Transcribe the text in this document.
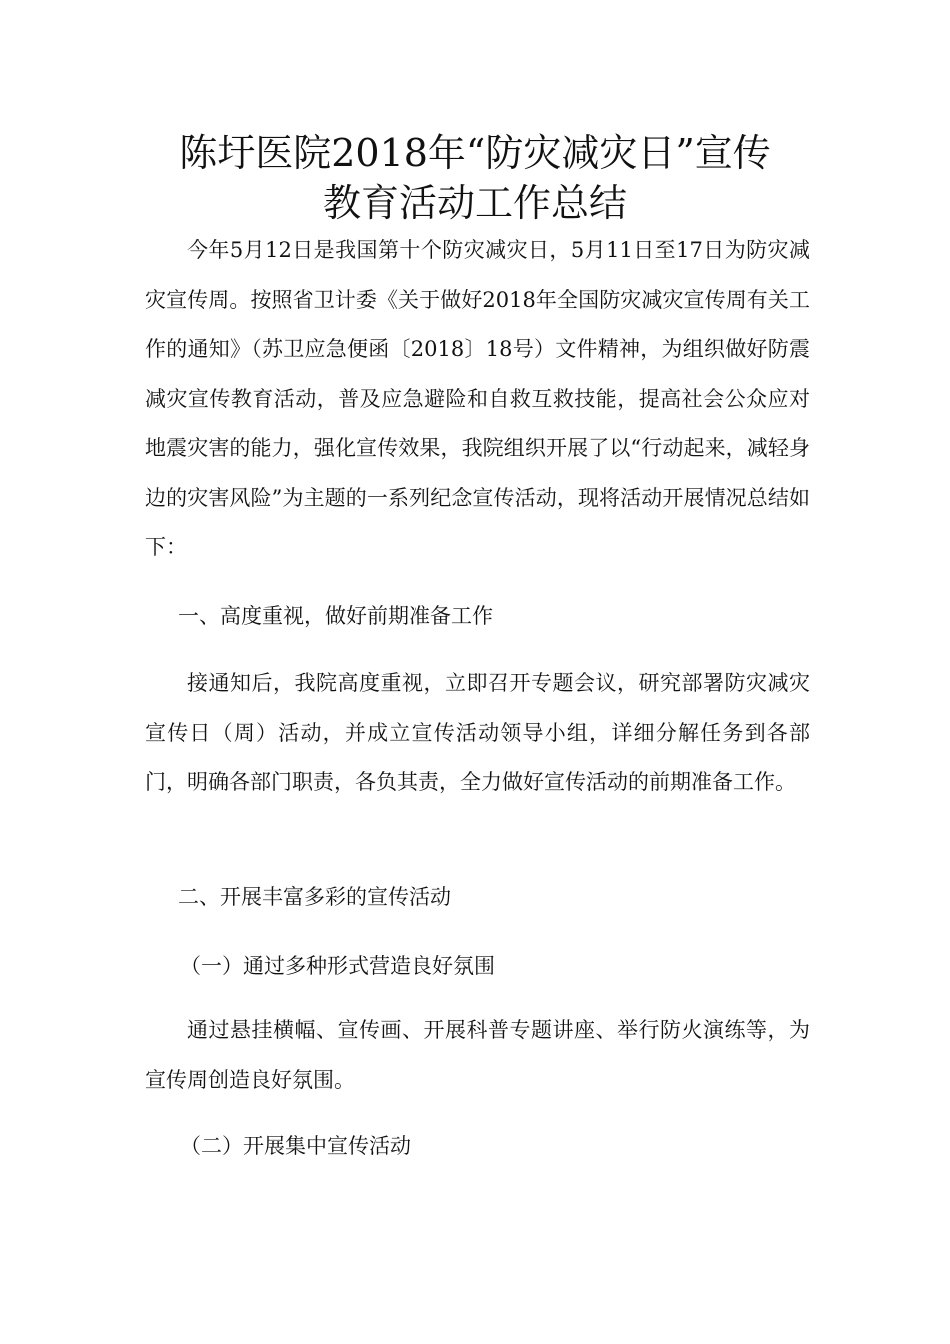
陈圩医院2018年“防灾减灾日”宣传
教育活动工作总结

今年5月12日是我国第十个防灾减灾日，5月11日至17日为防灾减灾宣传周。按照省卫计委《关于做好2018年全国防灾减灾宣传周有关工作的通知》（苏卫应急便函〔2018〕18号）文件精神，为组织做好防震减灾宣传教育活动，普及应急避险和自救互救技能，提高社会公众应对地震灾害的能力，强化宣传效果，我院组织开展了以“行动起来，减轻身边的灾害风险”为主题的一系列纪念宣传活动，现将活动开展情况总结如下：

一、高度重视，做好前期准备工作

接通知后，我院高度重视，立即召开专题会议，研究部署防灾减灾宣传日（周）活动，并成立宣传活动领导小组，详细分解任务到各部门，明确各部门职责，各负其责，全力做好宣传活动的前期准备工作。

二、开展丰富多彩的宣传活动

（一）通过多种形式营造良好氛围

通过悬挂横幅、宣传画、开展科普专题讲座、举行防火演练等，为宣传周创造良好氛围。

（二）开展集中宣传活动
